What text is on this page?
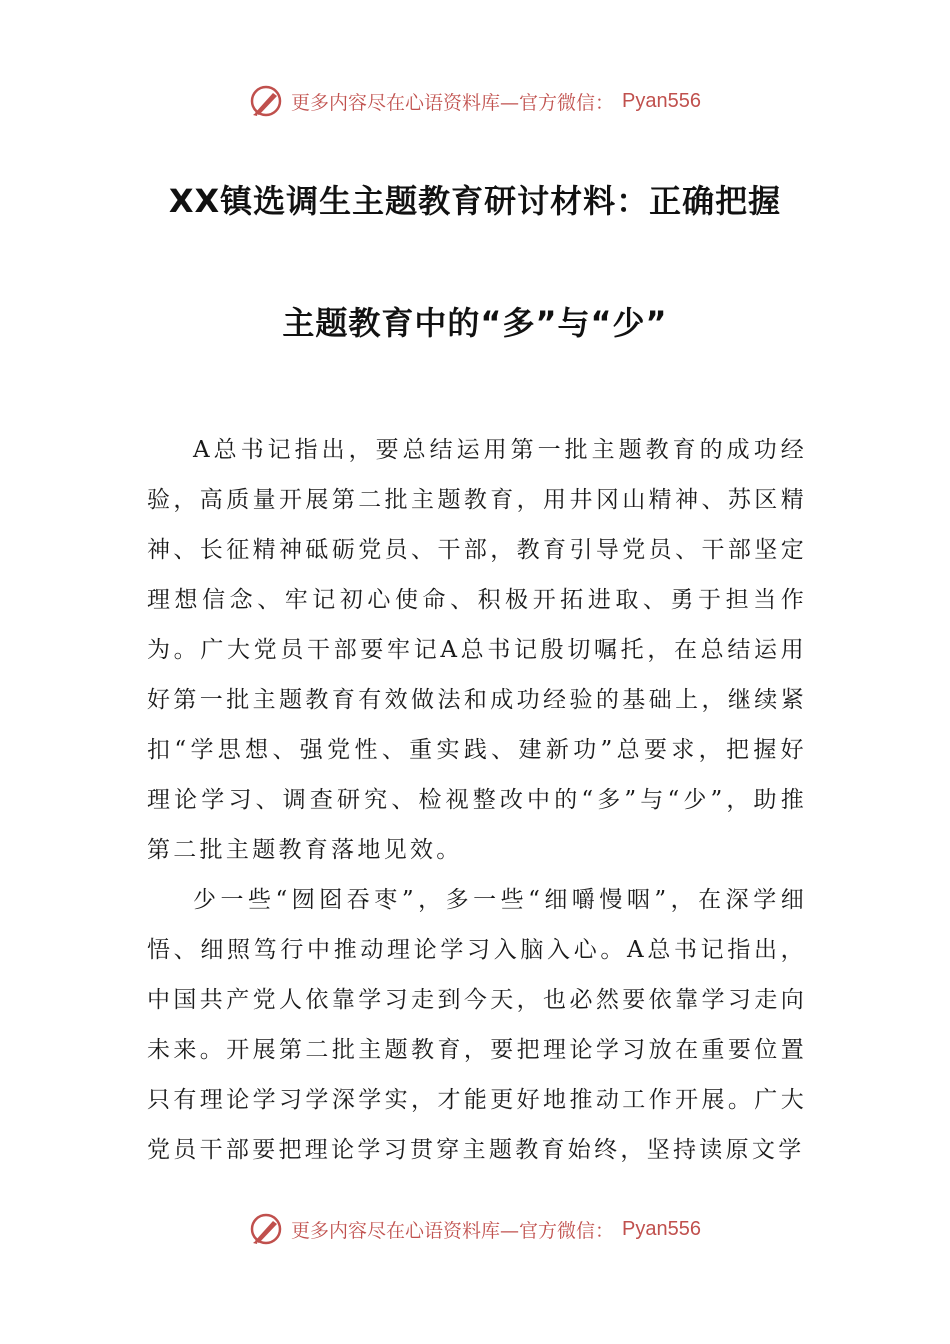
更多内容尽在心语资料库—官方微信： Pyan556
XX镇选调生主题教育研讨材料：正确把握
主题教育中的“多”与“少”

A总书记指出，要总结运用第一批主题教育的成功经验，高质量开展第二批主题教育，用井冈山精神、苏区精神、长征精神砥砺党员、干部，教育引导党员、干部坚定理想信念、牢记初心使命、积极开拓进取、勇于担当作为。广大党员干部要牢记A总书记殷切嘱托，在总结运用好第一批主题教育有效做法和成功经验的基础上，继续紧扣“学思想、强党性、重实践、建新功”总要求，把握好理论学习、调查研究、检视整改中的“多”与“少”，助推第二批主题教育落地见效。

少一些“囫囵吞枣”，多一些“细嚼慢咽”，在深学细悟、细照笃行中推动理论学习入脑入心。A总书记指出，中国共产党人依靠学习走到今天，也必然要依靠学习走向未来。开展第二批主题教育，要把理论学习放在重要位置只有理论学习学深学实，才能更好地推动工作开展。广大党员干部要把理论学习贯穿主题教育始终，坚持读原文学

更多内容尽在心语资料库—官方微信： Pyan556
